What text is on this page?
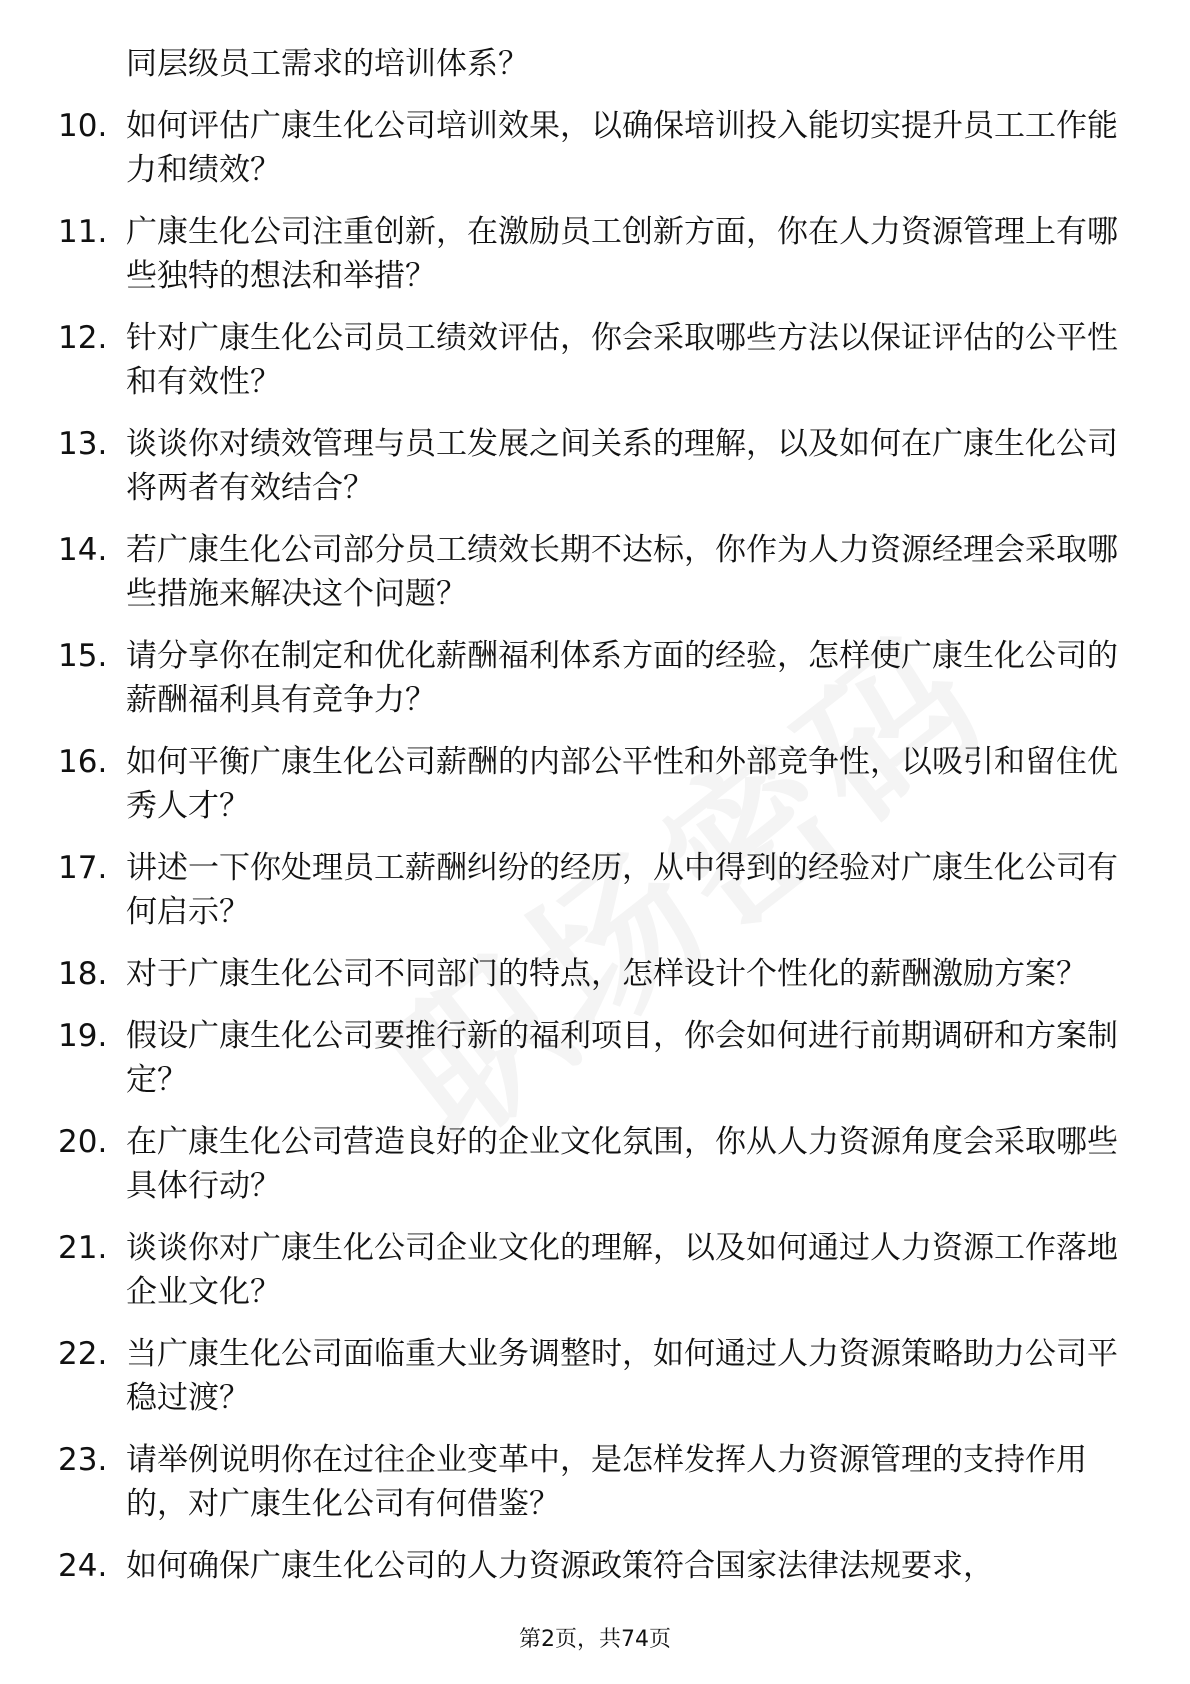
同层级员工需求的培训体系？
10. 如何评估广康生化公司培训效果，以确保培训投入能切实提升员工工作能力和绩效？
11. 广康生化公司注重创新，在激励员工创新方面，你在人力资源管理上有哪些独特的想法和举措？
12. 针对广康生化公司员工绩效评估，你会采取哪些方法以保证评估的公平性和有效性？
13. 谈谈你对绩效管理与员工发展之间关系的理解，以及如何在广康生化公司将两者有效结合？
14. 若广康生化公司部分员工绩效长期不达标，你作为人力资源经理会采取哪些措施来解决这个问题？
15. 请分享你在制定和优化薪酬福利体系方面的经验，怎样使广康生化公司的薪酬福利具有竞争力？
16. 如何平衡广康生化公司薪酬的内部公平性和外部竞争性，以吸引和留住优秀人才？
17. 讲述一下你处理员工薪酬纠纷的经历，从中得到的经验对广康生化公司有何启示？
18. 对于广康生化公司不同部门的特点，怎样设计个性化的薪酬激励方案？
19. 假设广康生化公司要推行新的福利项目，你会如何进行前期调研和方案制定？
20. 在广康生化公司营造良好的企业文化氛围，你从人力资源角度会采取哪些具体行动？
21. 谈谈你对广康生化公司企业文化的理解，以及如何通过人力资源工作落地企业文化？
22. 当广康生化公司面临重大业务调整时，如何通过人力资源策略助力公司平稳过渡？
23. 请举例说明你在过往企业变革中，是怎样发挥人力资源管理的支持作用的，对广康生化公司有何借鉴？
24. 如何确保广康生化公司的人力资源政策符合国家法律法规要求，
第2页，共74页
